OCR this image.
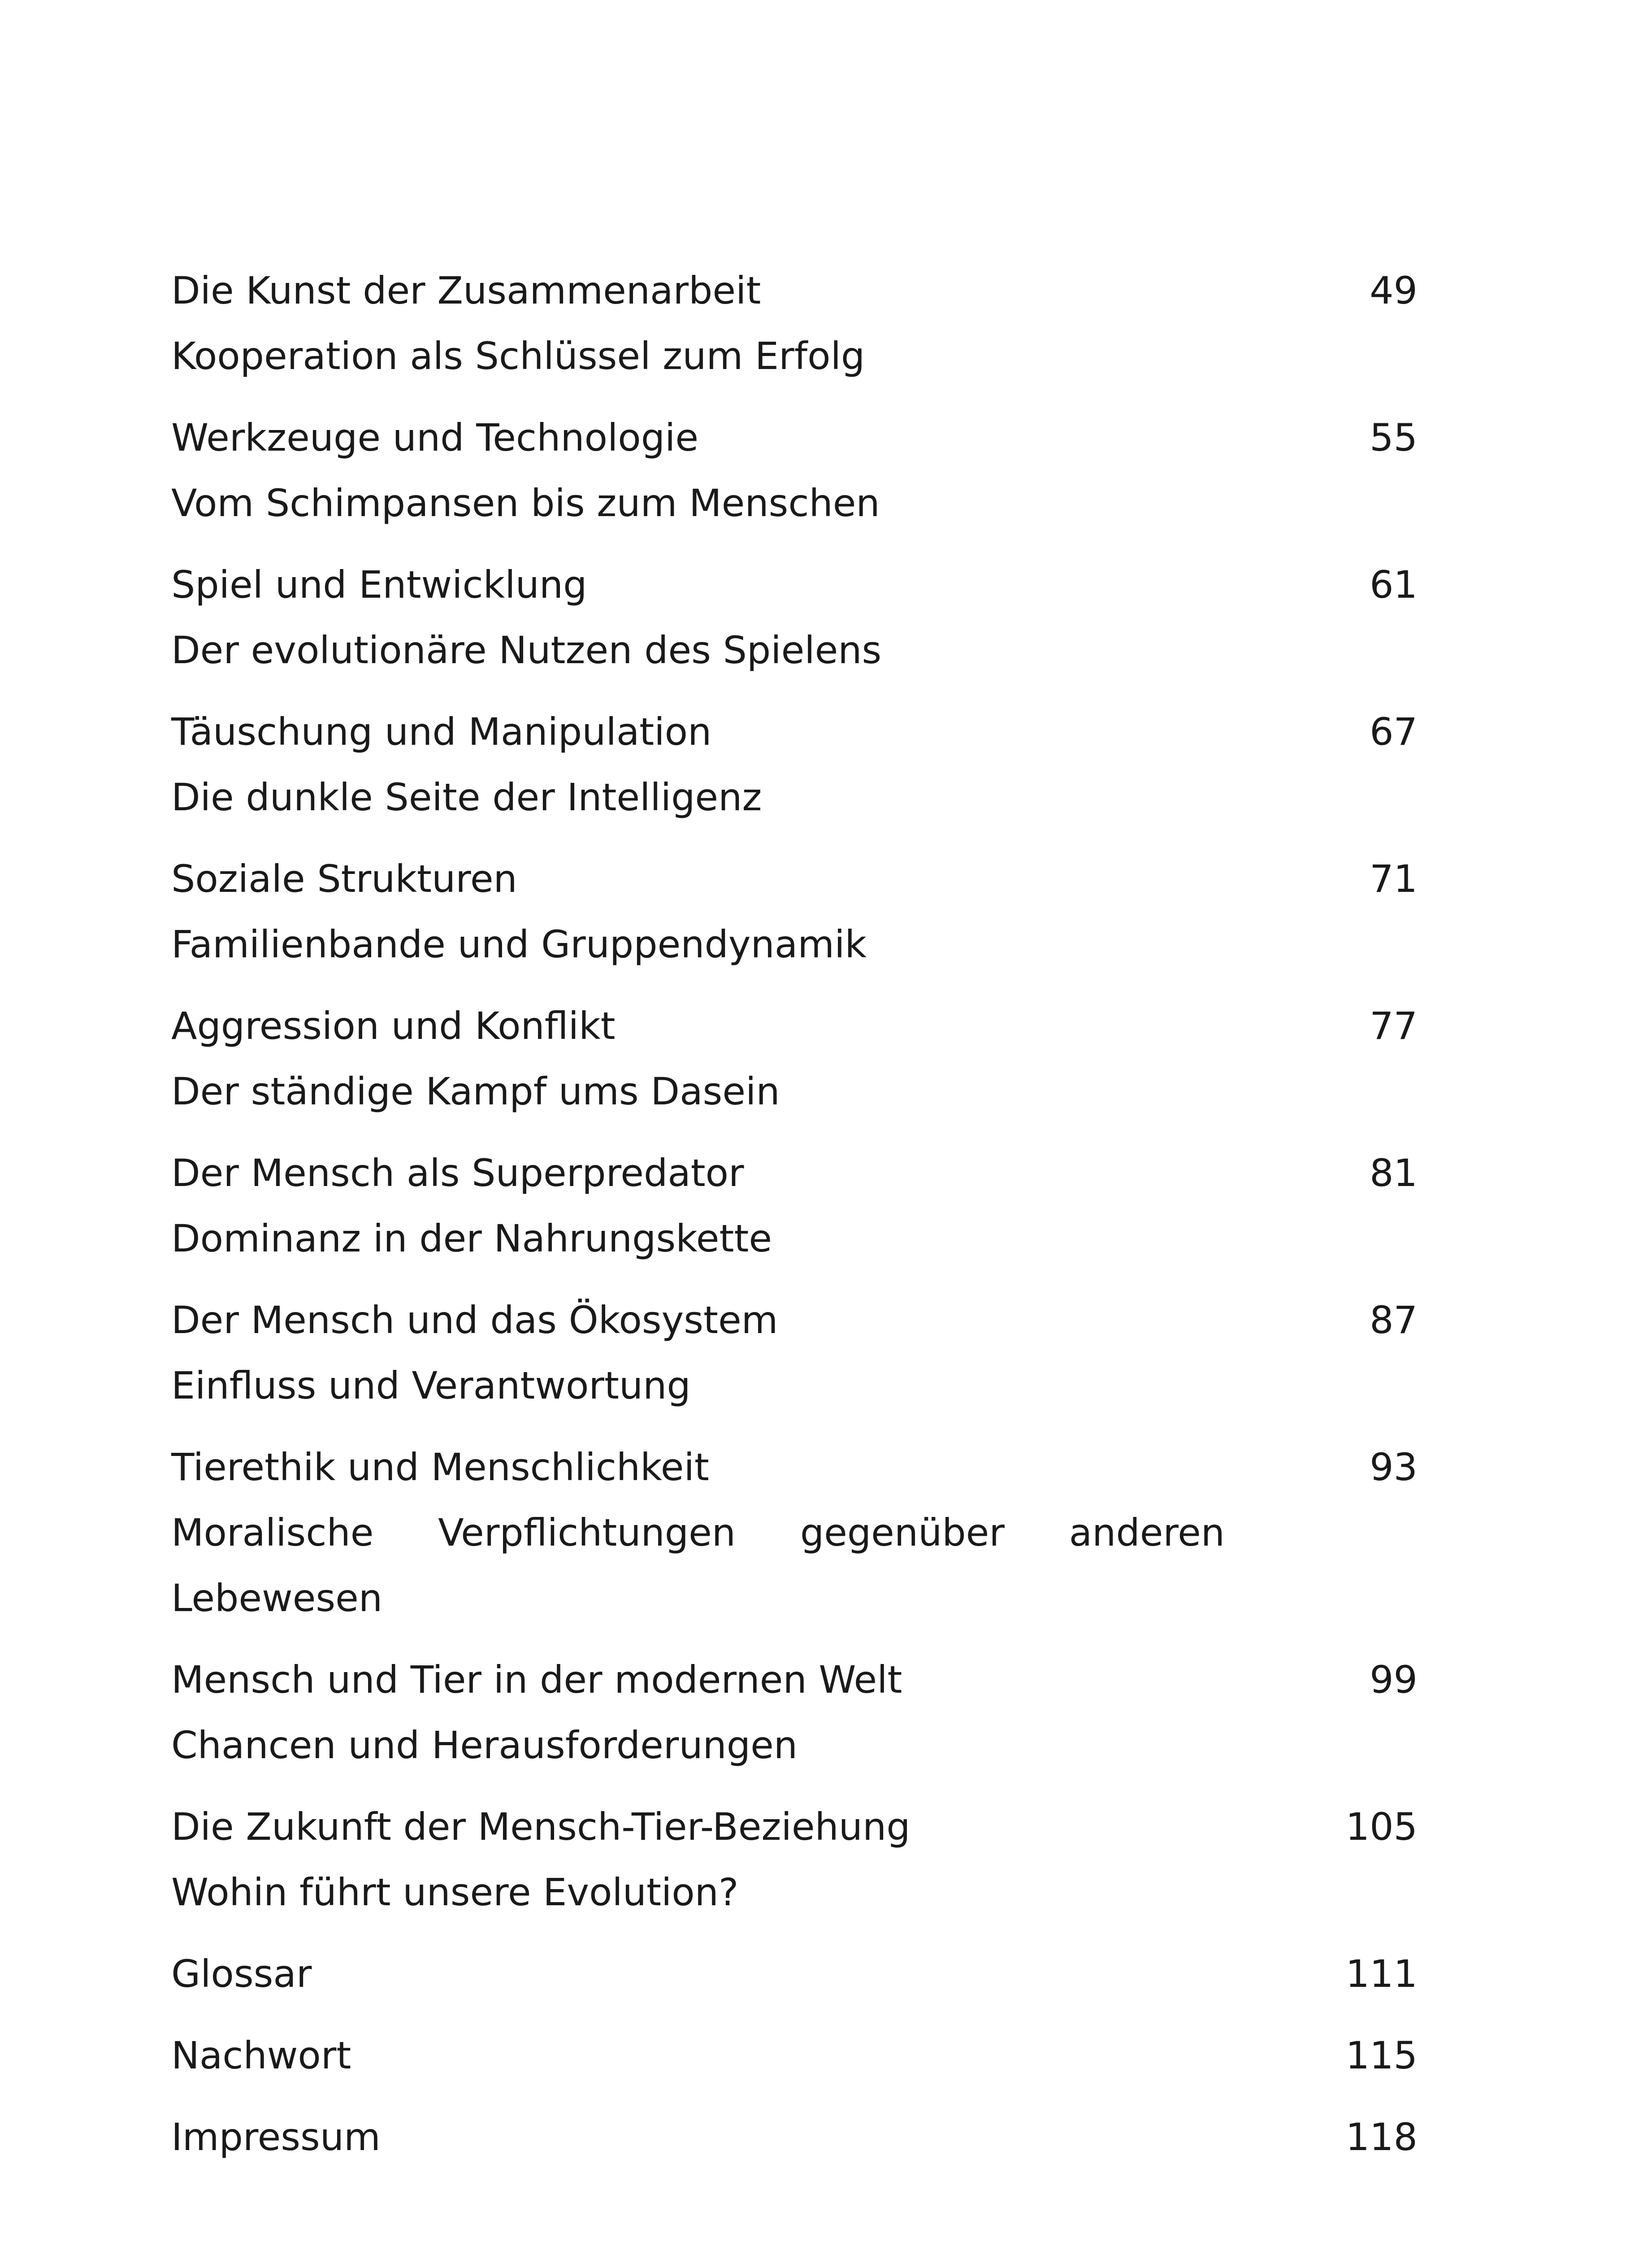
Die Kunst der Zusammenarbeit	49
Kooperation als Schlüssel zum Erfolg
Werkzeuge und Technologie	55
Vom Schimpansen bis zum Menschen
Spiel und Entwicklung	61
Der evolutionäre Nutzen des Spielens
Täuschung und Manipulation	67
Die dunkle Seite der Intelligenz
Soziale Strukturen	71
Familienbande und Gruppendynamik
Aggression und Konflikt	77
Der ständige Kampf ums Dasein
Der Mensch als Superpredator	81
Dominanz in der Nahrungskette
Der Mensch und das Ökosystem	87
Einfluss und Verantwortung
Tierethik und Menschlichkeit	93
Moralische Verpflichtungen gegenüber anderen Lebewesen
Mensch und Tier in der modernen Welt	99
Chancen und Herausforderungen
Die Zukunft der Mensch-Tier-Beziehung	105
Wohin führt unsere Evolution?
Glossar	111
Nachwort	115
Impressum	118
